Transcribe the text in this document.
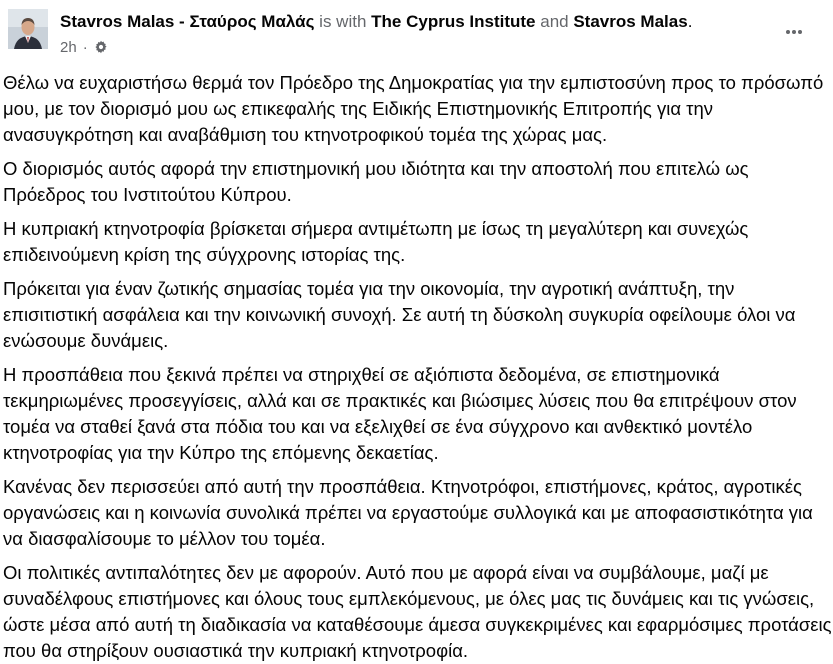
Stavros Malas - Σταύρος Μαλάς is with The Cyprus Institute and Stavros Malas.
2h ·

Θέλω να ευχαριστήσω θερμά τον Πρόεδρο της Δημοκρατίας για την εμπιστοσύνη προς το πρόσωπό μου, με τον διορισμό μου ως επικεφαλής της Ειδικής Επιστημονικής Επιτροπής για την ανασυγκρότηση και αναβάθμιση του κτηνοτροφικού τομέα της χώρας μας.

Ο διορισμός αυτός αφορά την επιστημονική μου ιδιότητα και την αποστολή που επιτελώ ως Πρόεδρος του Ινστιτούτου Κύπρου.

Η κυπριακή κτηνοτροφία βρίσκεται σήμερα αντιμέτωπη με ίσως τη μεγαλύτερη και συνεχώς επιδεινούμενη κρίση της σύγχρονης ιστορίας της.

Πρόκειται για έναν ζωτικής σημασίας τομέα για την οικονομία, την αγροτική ανάπτυξη, την επισιτιστική ασφάλεια και την κοινωνική συνοχή. Σε αυτή τη δύσκολη συγκυρία οφείλουμε όλοι να ενώσουμε δυνάμεις.

Η προσπάθεια που ξεκινά πρέπει να στηριχθεί σε αξιόπιστα δεδομένα, σε επιστημονικά τεκμηριωμένες προσεγγίσεις, αλλά και σε πρακτικές και βιώσιμες λύσεις που θα επιτρέψουν στον τομέα να σταθεί ξανά στα πόδια του και να εξελιχθεί σε ένα σύγχρονο και ανθεκτικό μοντέλο κτηνοτροφίας για την Κύπρο της επόμενης δεκαετίας.

Κανένας δεν περισσεύει από αυτή την προσπάθεια. Κτηνοτρόφοι, επιστήμονες, κράτος, αγροτικές οργανώσεις και η κοινωνία συνολικά πρέπει να εργαστούμε συλλογικά και με αποφασιστικότητα για να διασφαλίσουμε το μέλλον του τομέα.

Οι πολιτικές αντιπαλότητες δεν με αφορούν. Αυτό που με αφορά είναι να συμβάλουμε, μαζί με συναδέλφους επιστήμονες και όλους τους εμπλεκόμενους, με όλες μας τις δυνάμεις και τις γνώσεις, ώστε μέσα από αυτή τη διαδικασία να καταθέσουμε άμεσα συγκεκριμένες και εφαρμόσιμες προτάσεις που θα στηρίξουν ουσιαστικά την κυπριακή κτηνοτροφία.
